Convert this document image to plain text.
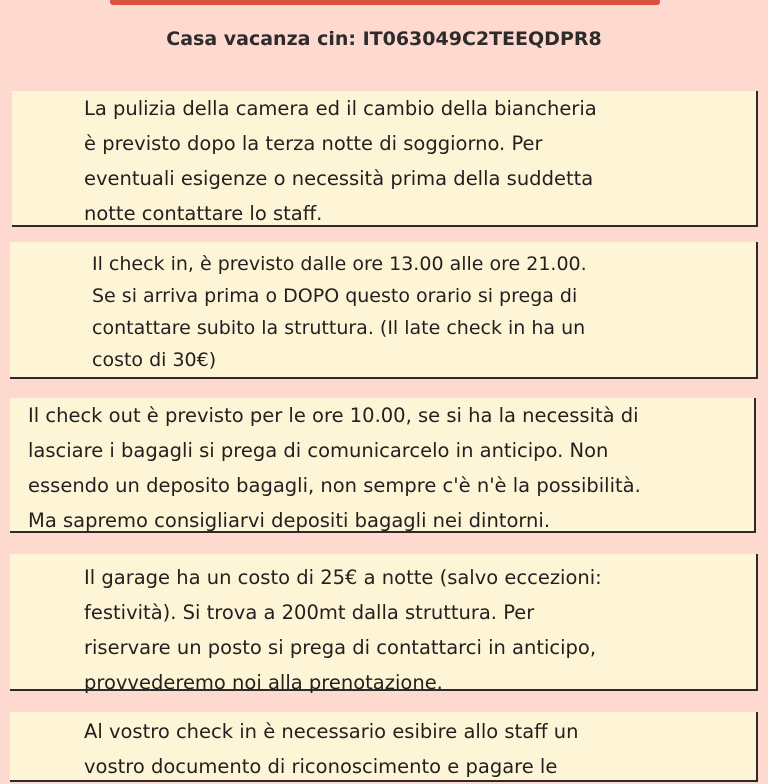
Casa vacanza cin: IT063049C2TEEQDPR8

La pulizia della camera ed il cambio della biancheria
è previsto dopo la terza notte di soggiorno. Per
eventuali esigenze o necessità prima della suddetta
notte contattare lo staff.

Il check in, è previsto dalle ore 13.00 alle ore 21.00.
Se si arriva prima o DOPO questo orario si prega di
contattare subito la struttura. (Il late check in ha un
costo di 30€)

Il check out è previsto per le ore 10.00, se si ha la necessità di
lasciare i bagagli si prega di comunicarcelo in anticipo. Non
essendo un deposito bagagli, non sempre c'è n'è la possibilità.
Ma sapremo consigliarvi depositi bagagli nei dintorni.

Il garage ha un costo di 25€ a notte (salvo eccezioni:
festività). Si trova a 200mt dalla struttura. Per
riservare un posto si prega di contattarci in anticipo,
provvederemo noi alla prenotazione.

Al vostro check in è necessario esibire allo staff un
vostro documento di riconoscimento e pagare le
